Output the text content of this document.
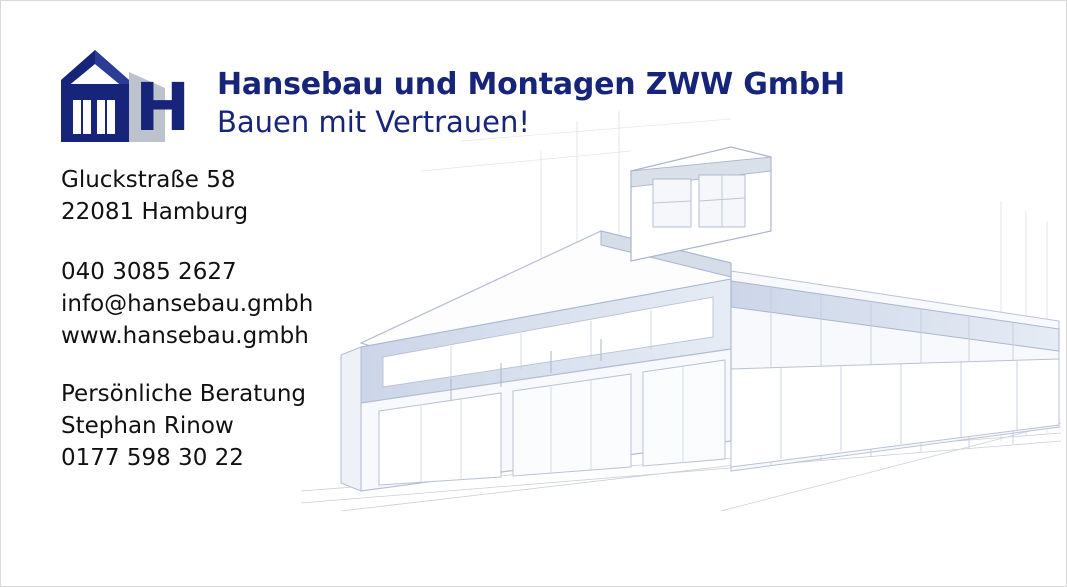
H Hansebau und Montagen ZWW GmbH
Bauen mit Vertrauen!
Gluckstraße 58
22081 Hamburg
040 3085 2627
info@hansebau.gmbh
www.hansebau.gmbh
Persönliche Beratung
Stephan Rinow
0177 598 30 22
